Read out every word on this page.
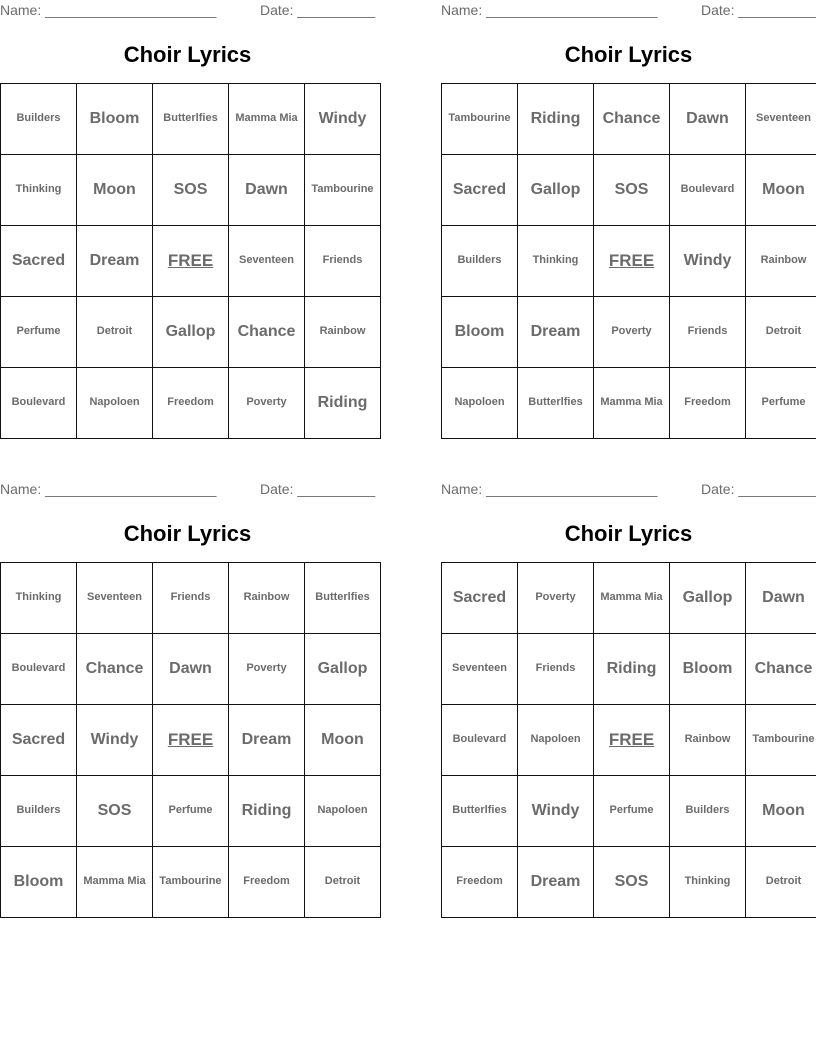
Name: ______________________	Date: __________
Choir Lyrics
Builders	Bloom	Butterlfies	Mamma Mia	Windy
Thinking	Moon	SOS	Dawn	Tambourine
Sacred	Dream	FREE	Seventeen	Friends
Perfume	Detroit	Gallop	Chance	Rainbow
Boulevard	Napoloen	Freedom	Poverty	Riding
Name: ______________________	Date: __________
Choir Lyrics
Tambourine	Riding	Chance	Dawn	Seventeen
Sacred	Gallop	SOS	Boulevard	Moon
Builders	Thinking	FREE	Windy	Rainbow
Bloom	Dream	Poverty	Friends	Detroit
Napoloen	Butterlfies	Mamma Mia	Freedom	Perfume
Name: ______________________	Date: __________
Choir Lyrics
Thinking	Seventeen	Friends	Rainbow	Butterlfies
Boulevard	Chance	Dawn	Poverty	Gallop
Sacred	Windy	FREE	Dream	Moon
Builders	SOS	Perfume	Riding	Napoloen
Bloom	Mamma Mia	Tambourine	Freedom	Detroit
Name: ______________________	Date: __________
Choir Lyrics
Sacred	Poverty	Mamma Mia	Gallop	Dawn
Seventeen	Friends	Riding	Bloom	Chance
Boulevard	Napoloen	FREE	Rainbow	Tambourine
Butterlfies	Windy	Perfume	Builders	Moon
Freedom	Dream	SOS	Thinking	Detroit
